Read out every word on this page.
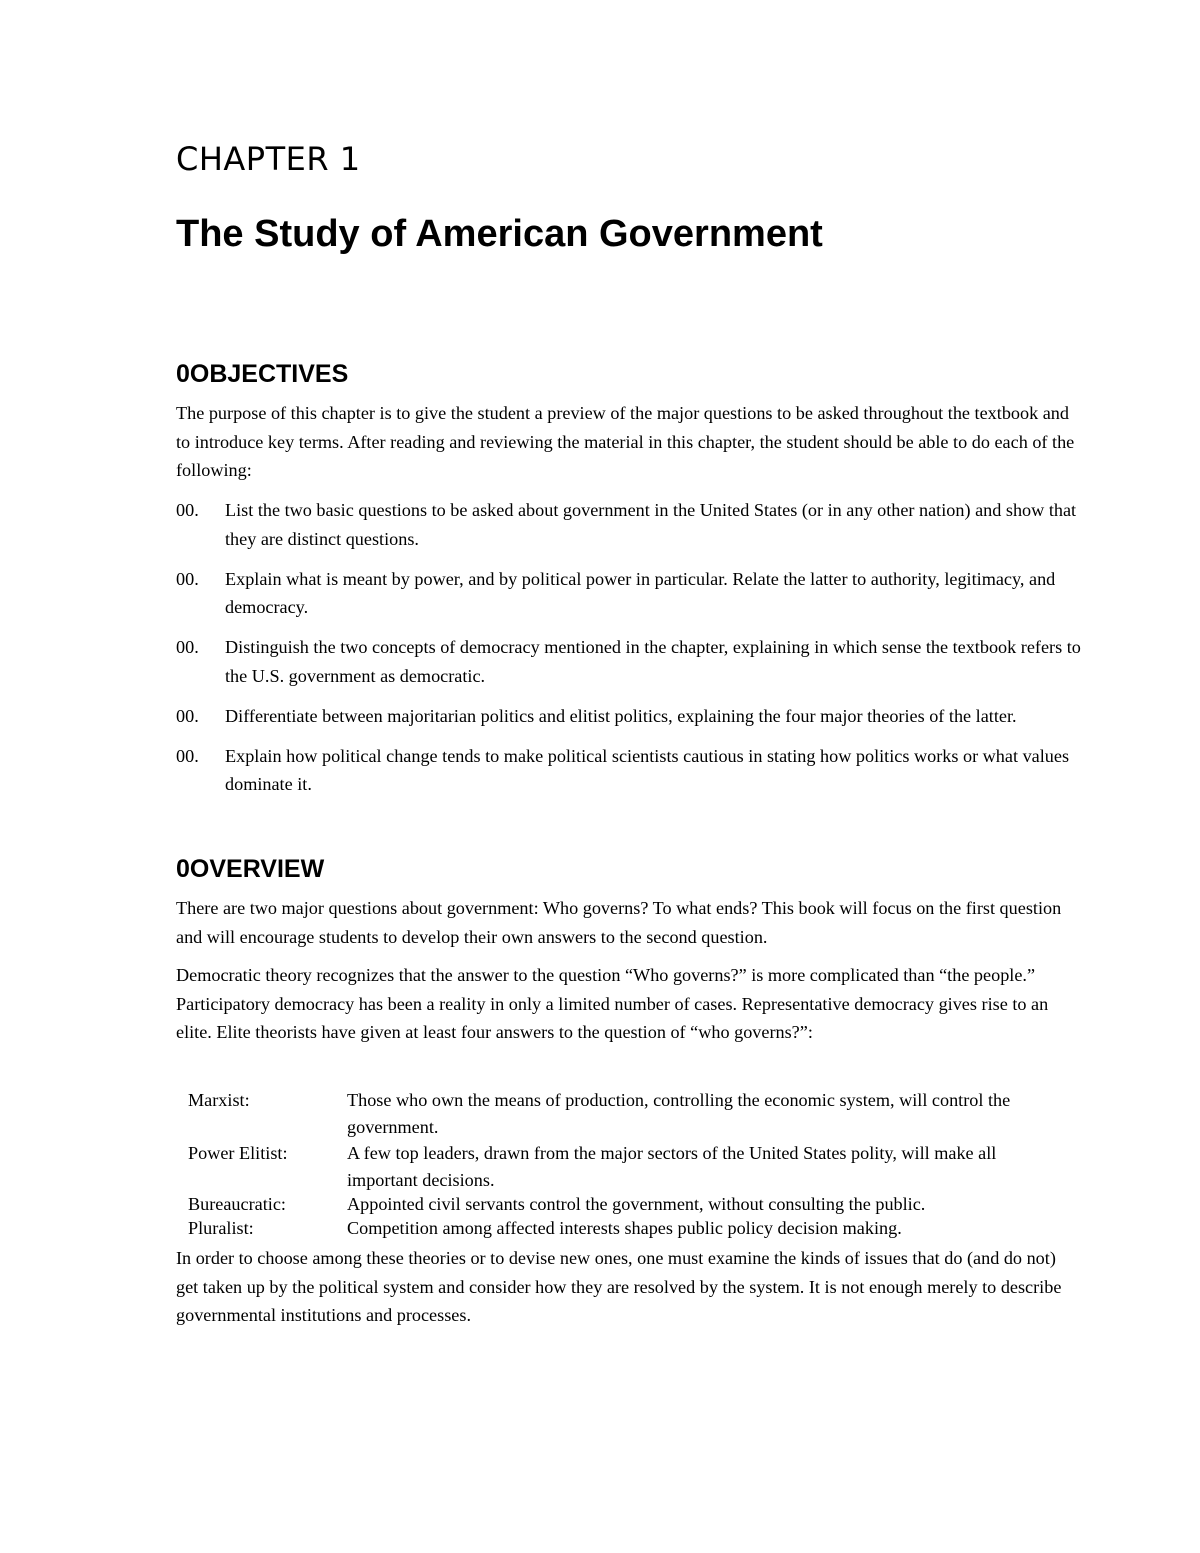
CHAPTER 1
The Study of American Government
0OBJECTIVES

The purpose of this chapter is to give the student a preview of the major questions to be asked throughout the textbook and to introduce key terms. After reading and reviewing the material in this chapter, the student should be able to do each of the following:

00. List the two basic questions to be asked about government in the United States (or in any other nation) and show that they are distinct questions.
00. Explain what is meant by power, and by political power in particular. Relate the latter to authority, legitimacy, and democracy.
00. Distinguish the two concepts of democracy mentioned in the chapter, explaining in which sense the textbook refers to the U.S. government as democratic.
00. Differentiate between majoritarian politics and elitist politics, explaining the four major theories of the latter.
00. Explain how political change tends to make political scientists cautious in stating how politics works or what values dominate it.
0OVERVIEW

There are two major questions about government: Who governs? To what ends? This book will focus on the first question and will encourage students to develop their own answers to the second question.

Democratic theory recognizes that the answer to the question “Who governs?” is more complicated than “the people.” Participatory democracy has been a reality in only a limited number of cases. Representative democracy gives rise to an elite. Elite theorists have given at least four answers to the question of “who governs?”:

Marxist:	Those who own the means of production, controlling the economic system, will control the government.
Power Elitist:	A few top leaders, drawn from the major sectors of the United States polity, will make all important decisions.
Bureaucratic:	Appointed civil servants control the government, without consulting the public.
Pluralist:	Competition among affected interests shapes public policy decision making.

In order to choose among these theories or to devise new ones, one must examine the kinds of issues that do (and do not) get taken up by the political system and consider how they are resolved by the system. It is not enough merely to describe governmental institutions and processes.
